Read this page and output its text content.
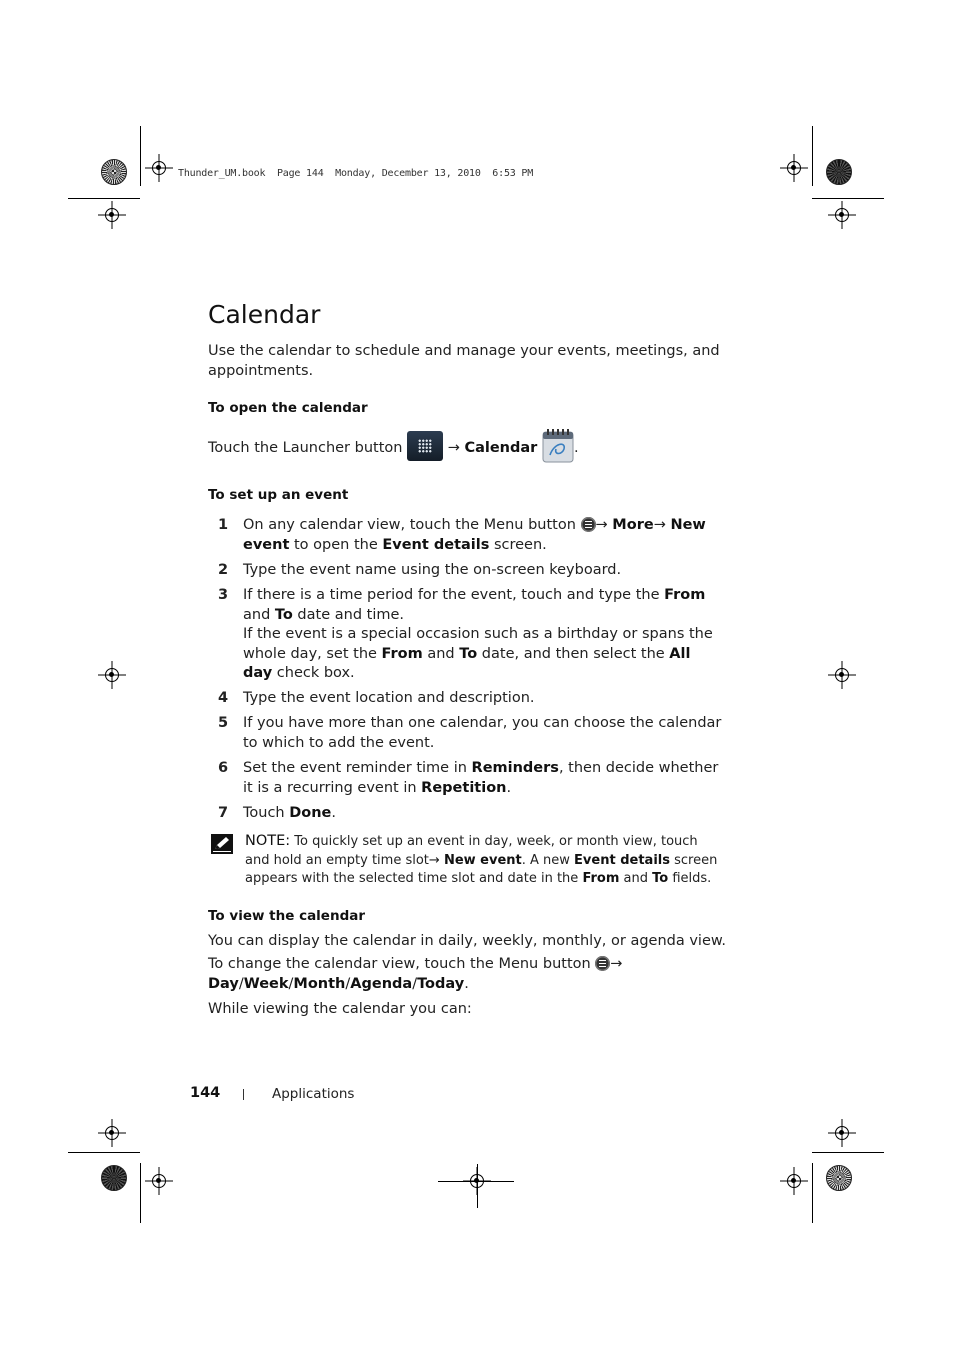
Thunder_UM.book  Page 144  Monday, December 13, 2010  6:53 PM
Calendar
Use the calendar to schedule and manage your events, meetings, and appointments.
To open the calendar
Touch the Launcher button	→ Calendar	.
To set up an event
1 On any calendar view, touch the Menu button → More→ New event to open the Event details screen.
2 Type the event name using the on-screen keyboard.
3 If there is a time period for the event, touch and type the From and To date and time.
If the event is a special occasion such as a birthday or spans the whole day, set the From and To date, and then select the All day check box.
4 Type the event location and description.
5 If you have more than one calendar, you can choose the calendar to which to add the event.
6 Set the event reminder time in Reminders, then decide whether it is a recurring event in Repetition.
7 Touch Done.
NOTE: To quickly set up an event in day, week, or month view, touch and hold an empty time slot→ New event. A new Event details screen appears with the selected time slot and date in the From and To fields.
To view the calendar
You can display the calendar in daily, weekly, monthly, or agenda view.
To change the calendar view, touch the Menu button →
Day/Week/Month/Agenda/Today.
While viewing the calendar you can:
144	Applications
